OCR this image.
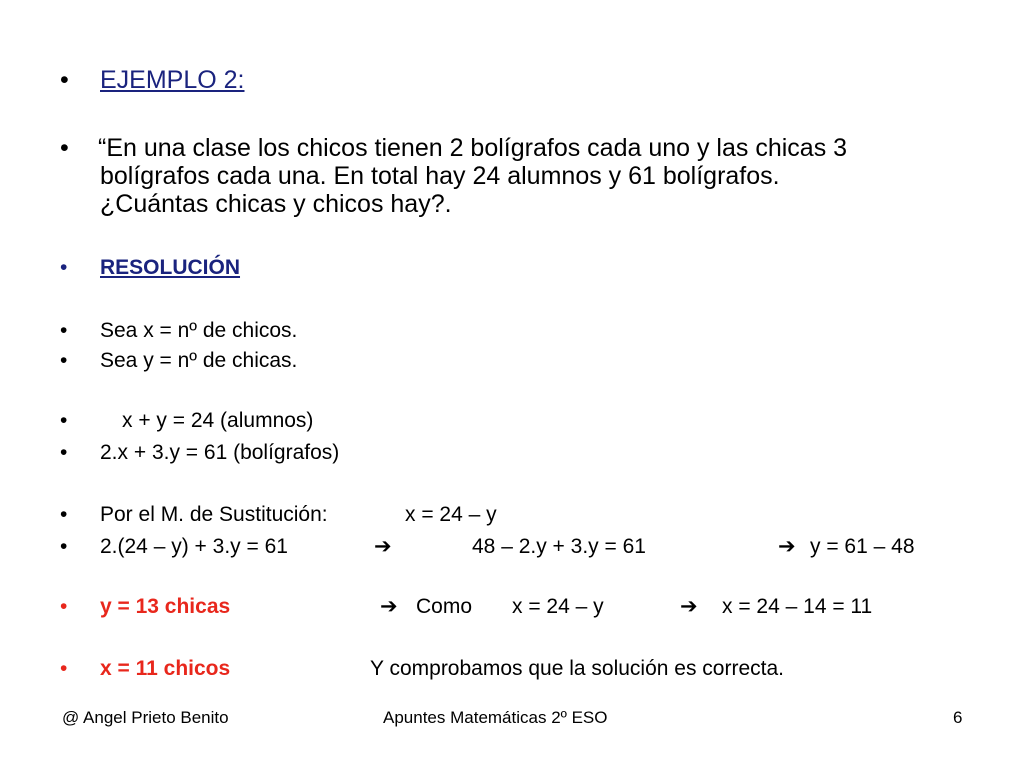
• EJEMPLO 2:
• “En una clase los chicos tienen 2 bolígrafos cada uno y las chicas 3
bolígrafos cada una. En total hay 24 alumnos y 61 bolígrafos.
¿Cuántas chicas y chicos hay?.
• RESOLUCIÓN
• Sea x = nº de chicos.
• Sea y = nº de chicas.
•	x + y = 24 (alumnos)
• 2.x + 3.y = 61 (bolígrafos)
• Por el M. de Sustitución:	x = 24 – y
• 2.(24 – y) + 3.y = 61	➔	48 – 2.y + 3.y = 61	➔ y = 61 – 48
• y = 13 chicas	➔ Como x = 24 – y	➔ x = 24 – 14 = 11
• x = 11 chicos	Y comprobamos que la solución es correcta.
@ Angel Prieto Benito	Apuntes Matemáticas 2º ESO	6
